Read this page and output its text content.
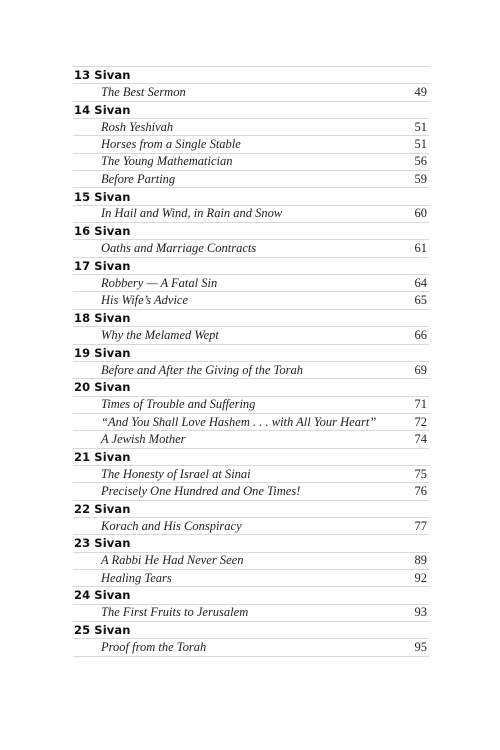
13 Sivan
The Best Sermon	49
14 Sivan
Rosh Yeshivah	51
Horses from a Single Stable	51
The Young Mathematician	56
Before Parting	59
15 Sivan
In Hail and Wind, in Rain and Snow	60
16 Sivan
Oaths and Marriage Contracts	61
17 Sivan
Robbery — A Fatal Sin	64
His Wife’s Advice	65
18 Sivan
Why the Melamed Wept	66
19 Sivan
Before and After the Giving of the Torah	69
20 Sivan
Times of Trouble and Suffering	71
“And You Shall Love Hashem . . . with All Your Heart”	72
A Jewish Mother	74
21 Sivan
The Honesty of Israel at Sinai	75
Precisely One Hundred and One Times!	76
22 Sivan
Korach and His Conspiracy	77
23 Sivan
A Rabbi He Had Never Seen	89
Healing Tears	92
24 Sivan
The First Fruits to Jerusalem	93
25 Sivan
Proof from the Torah	95
